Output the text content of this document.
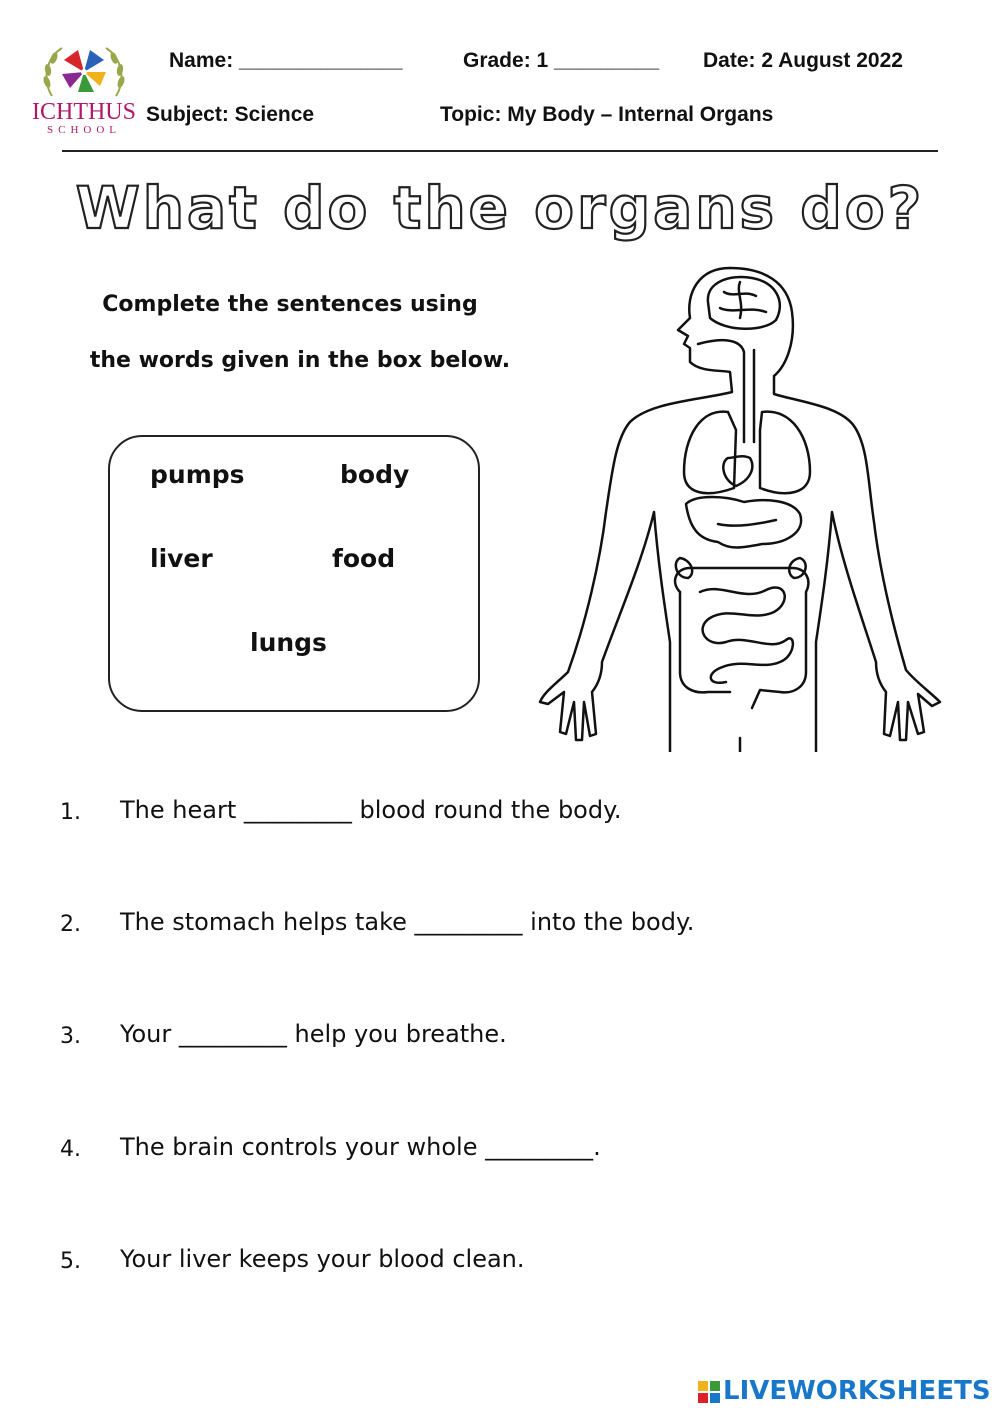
ICHTHUS
SCHOOL
Name: ______________	Grade: 1 _________ Date: 2 August 2022
Subject: Science	Topic: My Body – Internal Organs
What do the organs do?
Complete the sentences using
the words given in the box below.
pumps	body
liver	food
lungs
1. The heart _________ blood round the body.
2. The stomach helps take _________ into the body.
3. Your _________ help you breathe.
4. The brain controls your whole _________.
5. Your liver keeps your blood clean.
LIVEWORKSHEETS
